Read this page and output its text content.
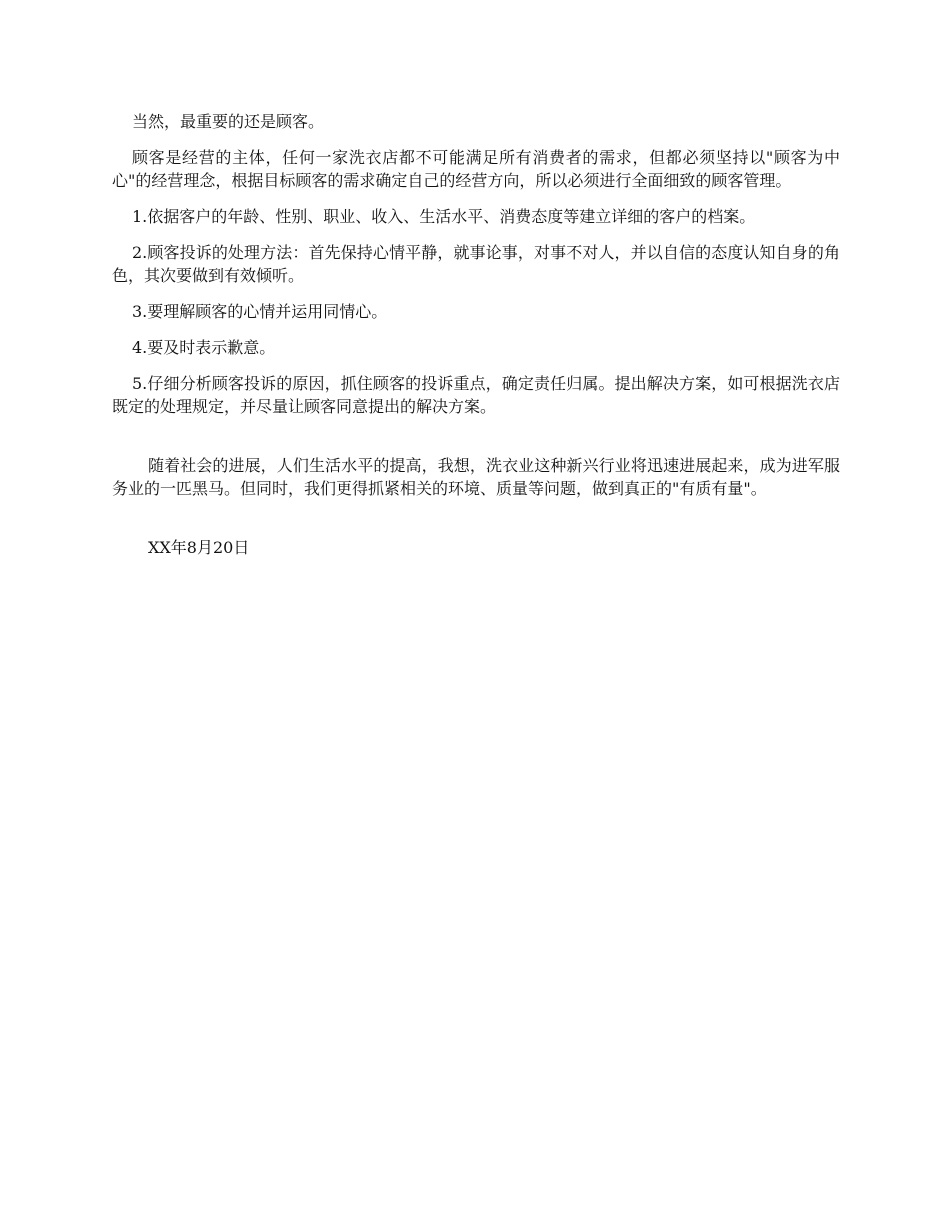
当然，最重要的还是顾客。

顾客是经营的主体，任何一家洗衣店都不可能满足所有消费者的需求，但都必须坚持以"顾客为中心"的经营理念，根据目标顾客的需求确定自己的经营方向，所以必须进行全面细致的顾客管理。

1.依据客户的年龄、性别、职业、收入、生活水平、消费态度等建立详细的客户的档案。

2.顾客投诉的处理方法：首先保持心情平静，就事论事，对事不对人，并以自信的态度认知自身的角色，其次要做到有效倾听。

3.要理解顾客的心情并运用同情心。

4.要及时表示歉意。

5.仔细分析顾客投诉的原因，抓住顾客的投诉重点，确定责任归属。提出解决方案，如可根据洗衣店既定的处理规定，并尽量让顾客同意提出的解决方案。

随着社会的进展，人们生活水平的提高，我想，洗衣业这种新兴行业将迅速进展起来，成为进军服务业的一匹黑马。但同时，我们更得抓紧相关的环境、质量等问题，做到真正的"有质有量"。

XX年8月20日
